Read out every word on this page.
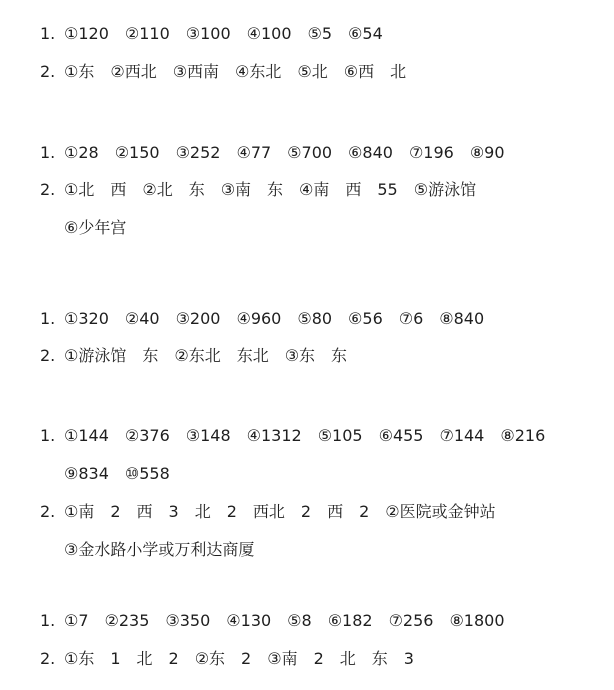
1. ①120　②110　③100　④100　⑤5　⑥54
2. ①东　②西北　③西南　④东北　⑤北　⑥西　北
1. ①28　②150　③252　④77　⑤700　⑥840　⑦196　⑧90
2. ①北　西　②北　东　③南　东　④南　西　55　⑤游泳馆
⑥少年宫
1. ①320　②40　③200　④960　⑤80　⑥56　⑦6　⑧840
2. ①游泳馆　东　②东北　东北　③东　东
1. ①144　②376　③148　④1312　⑤105　⑥455　⑦144　⑧216
⑨834　⑩558
2. ①南　2　西　3　北　2　西北　2　西　2　②医院或金钟站
③金水路小学或万利达商厦
1. ①7　②235　③350　④130　⑤8　⑥182　⑦256　⑧1800
2. ①东　1　北　2　②东　2　③南　2　北　东　3
